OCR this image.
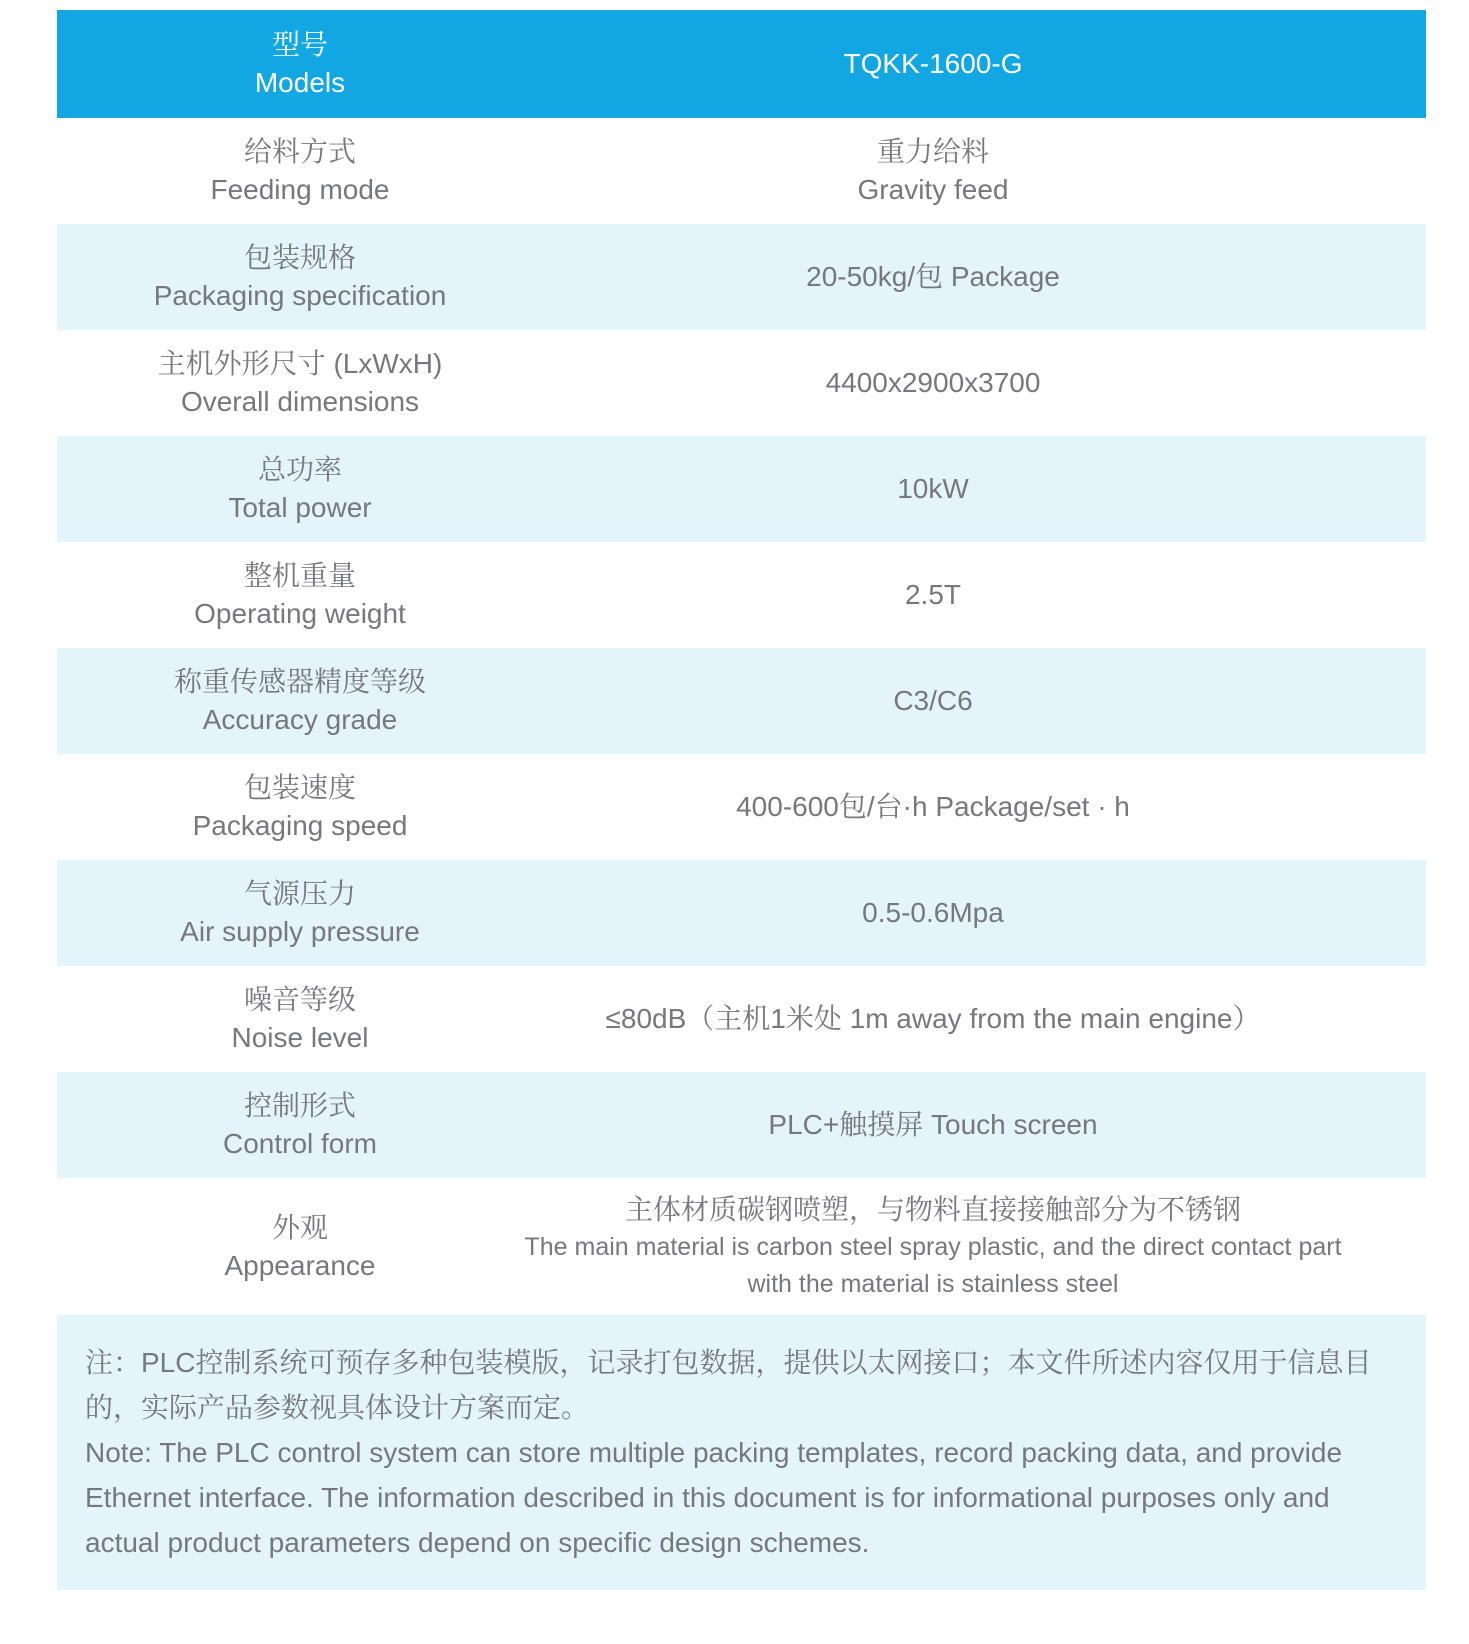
型号
Models
TQKK-1600-G
给料方式
Feeding mode
重力给料
Gravity feed
包装规格
Packaging specification
20-50kg/包 Package
主机外形尺寸 (LxWxH)
Overall dimensions
4400x2900x3700
总功率
Total power
10kW
整机重量
Operating weight
2.5T
称重传感器精度等级
Accuracy grade
C3/C6
包装速度
Packaging speed
400-600包/台·h Package/set · h
气源压力
Air supply pressure
0.5-0.6Mpa
噪音等级
Noise level
≤80dB（主机1米处 1m away from the main engine）
控制形式
Control form
PLC+触摸屏 Touch screen
外观
Appearance
主体材质碳钢喷塑，与物料直接接触部分为不锈钢
The main material is carbon steel spray plastic, and the direct contact part
with the material is stainless steel

注：PLC控制系统可预存多种包装模版，记录打包数据，提供以太网接口；本文件所述内容仅用于信息目的，实际产品参数视具体设计方案而定。

Note: The PLC control system can store multiple packing templates, record packing data, and provide Ethernet interface. The information described in this document is for informational purposes only and actual product parameters depend on specific design schemes.
